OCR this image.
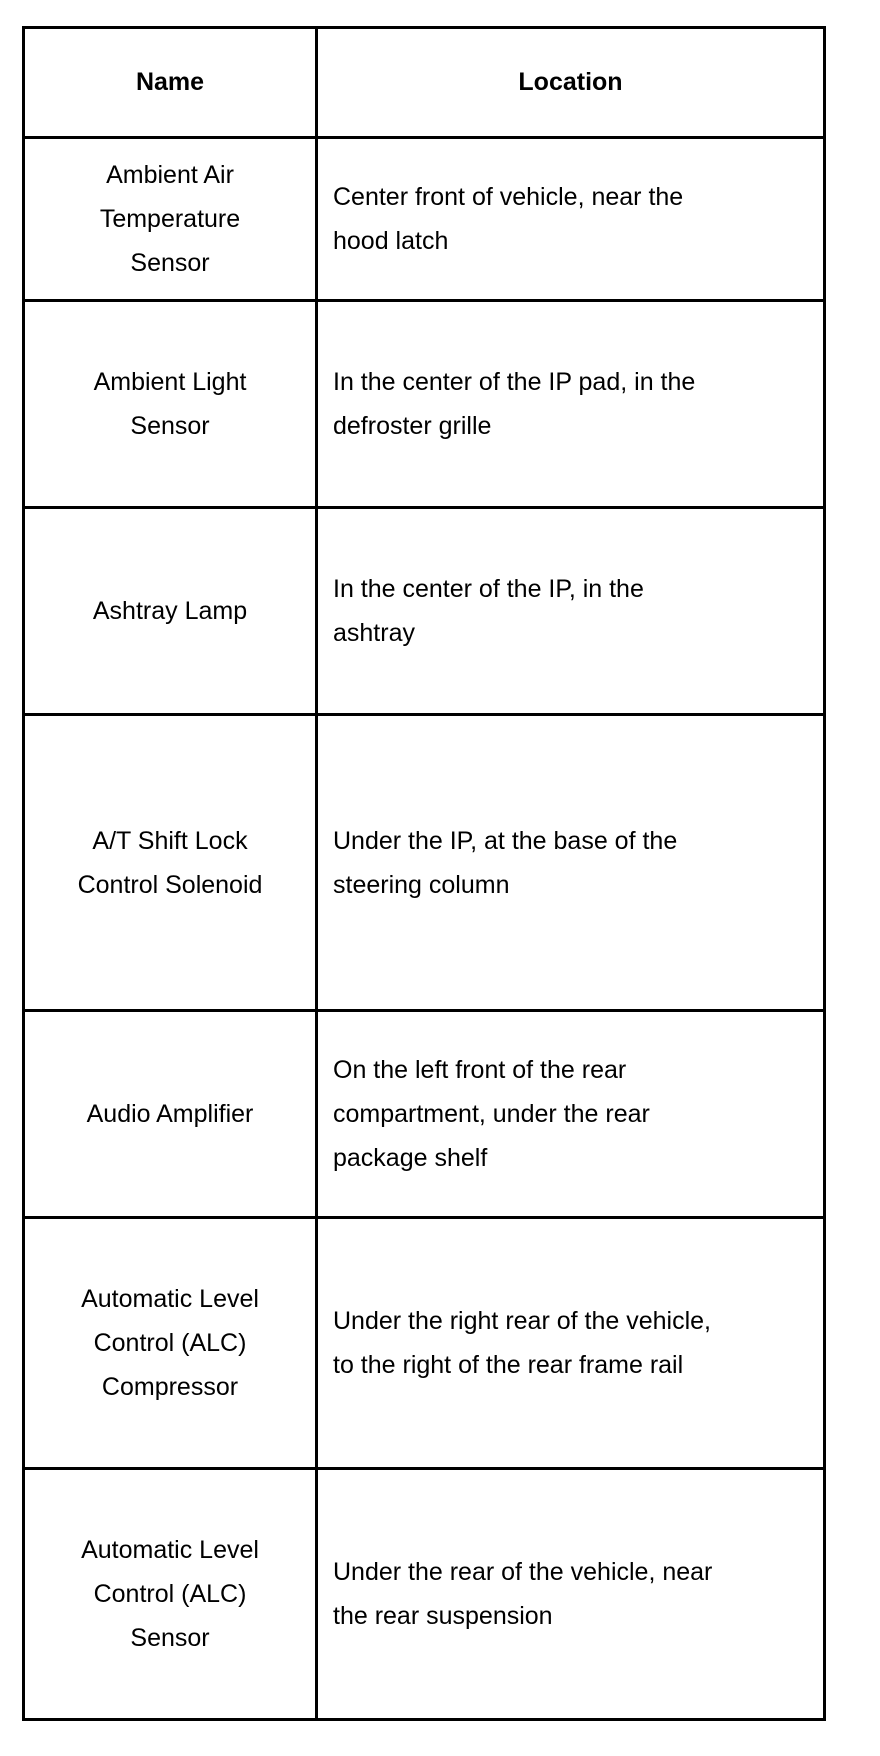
Name	Location

Ambient Air
Temperature
Sensor	Center front of vehicle, near the
hood latch

Ambient Light
Sensor	In the center of the IP pad, in the
defroster grille

Ashtray Lamp	In the center of the IP, in the
ashtray

A/T Shift Lock
Control Solenoid	Under the IP, at the base of the
steering column

Audio Amplifier	On the left front of the rear
compartment, under the rear
package shelf

Automatic Level
Control (ALC)
Compressor	Under the right rear of the vehicle,
to the right of the rear frame rail

Automatic Level
Control (ALC)
Sensor	Under the rear of the vehicle, near
the rear suspension
